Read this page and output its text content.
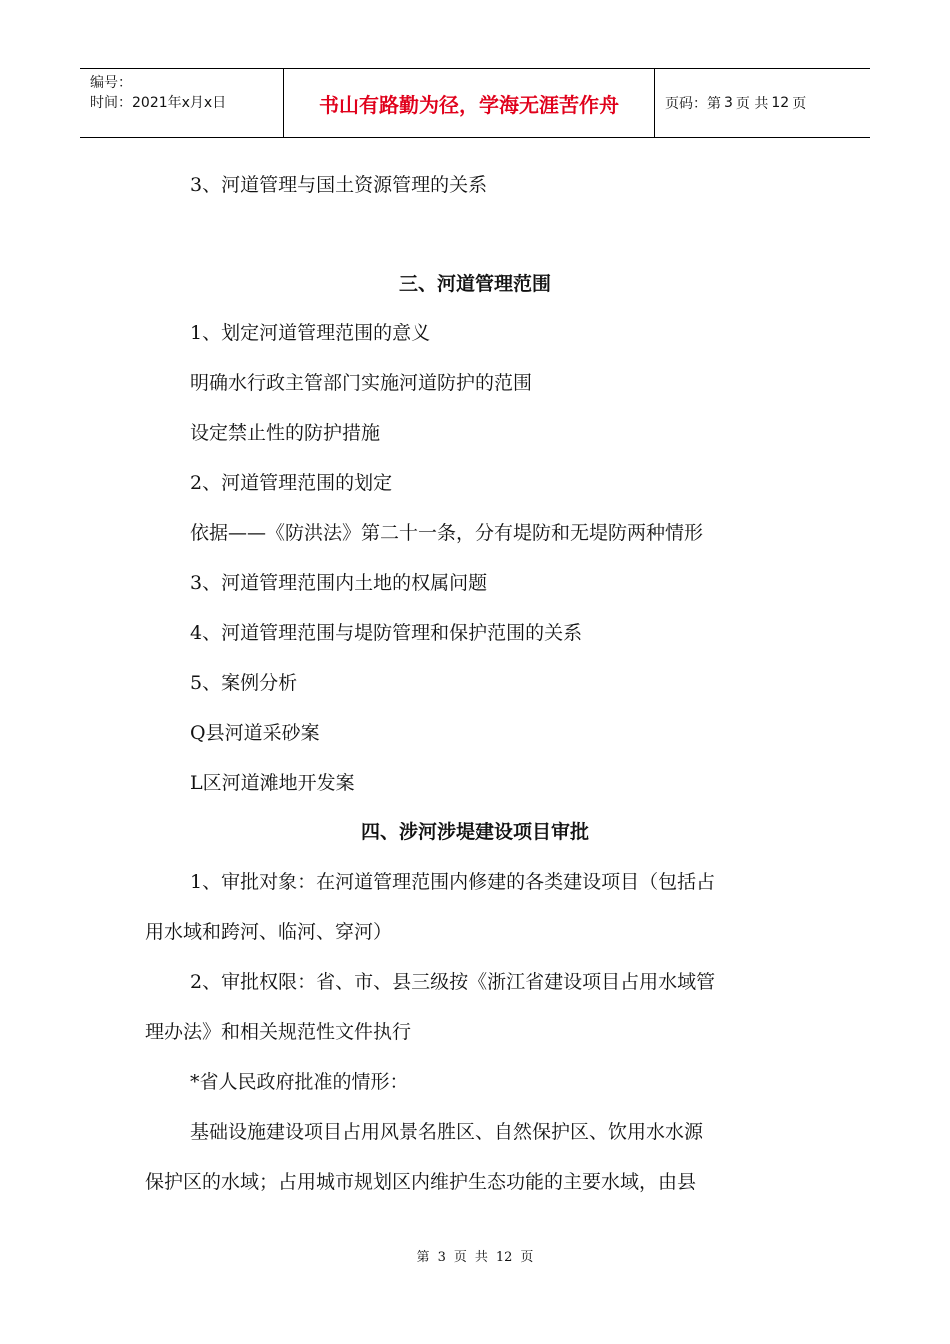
编号：
时间：2021年x月x日	书山有路勤为径，学海无涯苦作舟	页码：第 3 页 共 12 页
3、河道管理与国土资源管理的关系
三、河道管理范围
1、划定河道管理范围的意义
明确水行政主管部门实施河道防护的范围
设定禁止性的防护措施
2、河道管理范围的划定
依据——《防洪法》第二十一条，分有堤防和无堤防两种情形
3、河道管理范围内土地的权属问题
4、河道管理范围与堤防管理和保护范围的关系
5、案例分析
Q县河道采砂案
L区河道滩地开发案
四、涉河涉堤建设项目审批
1、审批对象：在河道管理范围内修建的各类建设项目（包括占
用水域和跨河、临河、穿河）
2、审批权限：省、市、县三级按《浙江省建设项目占用水域管
理办法》和相关规范性文件执行
*省人民政府批准的情形：
基础设施建设项目占用风景名胜区、自然保护区、饮用水水源
保护区的水域；占用城市规划区内维护生态功能的主要水域，由县
第 3 页 共 12 页
